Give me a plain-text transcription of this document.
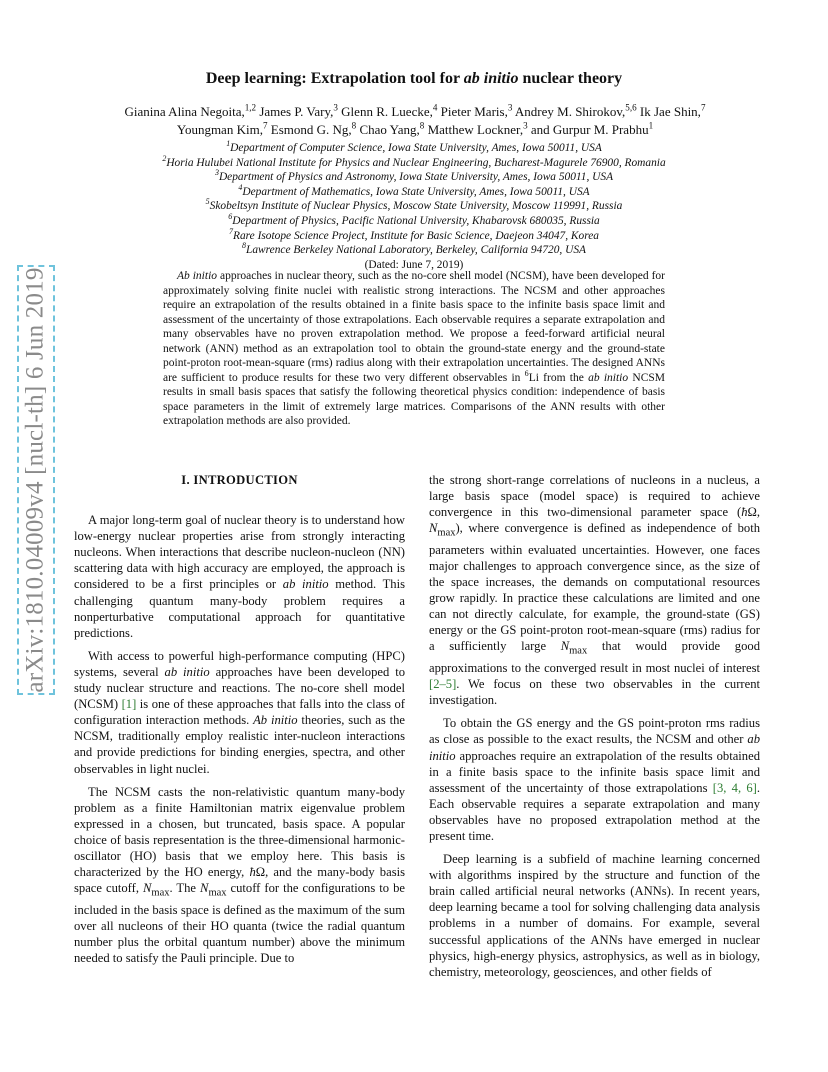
arXiv:1810.04009v4 [nucl-th] 6 Jun 2019
Deep learning: Extrapolation tool for ab initio nuclear theory
Gianina Alina Negoita,$^{1,2}$ James P. Vary,$^3$ Glenn R. Luecke,$^4$ Pieter Maris,$^3$ Andrey M. Shirokov,$^{5,6}$ Ik Jae Shin,$^7$ Youngman Kim,$^7$ Esmond G. Ng,$^8$ Chao Yang,$^8$ Matthew Lockner,$^3$ and Gurpur M. Prabhu$^1$
$^1$Department of Computer Science, Iowa State University, Ames, Iowa 50011, USA
$^2$Horia Hulubei National Institute for Physics and Nuclear Engineering, Bucharest-Magurele 76900, Romania
$^3$Department of Physics and Astronomy, Iowa State University, Ames, Iowa 50011, USA
$^4$Department of Mathematics, Iowa State University, Ames, Iowa 50011, USA
$^5$Skobeltsyn Institute of Nuclear Physics, Moscow State University, Moscow 119991, Russia
$^6$Department of Physics, Pacific National University, Khabarovsk 680035, Russia
$^7$Rare Isotope Science Project, Institute for Basic Science, Daejeon 34047, Korea
$^8$Lawrence Berkeley National Laboratory, Berkeley, California 94720, USA
(Dated: June 7, 2019)

Ab initio approaches in nuclear theory, such as the no-core shell model (NCSM), have been developed for approximately solving finite nuclei with realistic strong interactions. The NCSM and other approaches require an extrapolation of the results obtained in a finite basis space to the infinite basis space limit and assessment of the uncertainty of those extrapolations. Each observable requires a separate extrapolation and many observables have no proven extrapolation method. We propose a feed-forward artificial neural network (ANN) method as an extrapolation tool to obtain the ground-state energy and the ground-state point-proton root-mean-square (rms) radius along with their extrapolation uncertainties. The designed ANNs are sufficient to produce results for these two very different observables in $^6$Li from the ab initio NCSM results in small basis spaces that satisfy the following theoretical physics condition: independence of basis space parameters in the limit of extremely large matrices. Comparisons of the ANN results with other extrapolation methods are also provided.

I. INTRODUCTION

A major long-term goal of nuclear theory is to understand how low-energy nuclear properties arise from strongly interacting nucleons. When interactions that describe nucleon-nucleon (NN) scattering data with high accuracy are employed, the approach is considered to be a first principles or ab initio method. This challenging quantum many-body problem requires a nonperturbative computational approach for quantitative predictions.

With access to powerful high-performance computing (HPC) systems, several ab initio approaches have been developed to study nuclear structure and reactions. The no-core shell model (NCSM) [1] is one of these approaches that falls into the class of configuration interaction methods. Ab initio theories, such as the NCSM, traditionally employ realistic inter-nucleon interactions and provide predictions for binding energies, spectra, and other observables in light nuclei.

The NCSM casts the non-relativistic quantum many-body problem as a finite Hamiltonian matrix eigenvalue problem expressed in a chosen, but truncated, basis space. A popular choice of basis representation is the three-dimensional harmonic-oscillator (HO) basis that we employ here. This basis is characterized by the HO energy, ħΩ, and the many-body basis space cutoff, $N_{max}$. The $N_{max}$ cutoff for the configurations to be included in the basis space is defined as the maximum of the sum over all nucleons of their HO quanta (twice the radial quantum number plus the orbital quantum number) above the minimum needed to satisfy the Pauli principle. Due to

the strong short-range correlations of nucleons in a nucleus, a large basis space (model space) is required to achieve convergence in this two-dimensional parameter space (ħΩ, $N_{max}$), where convergence is defined as independence of both parameters within evaluated uncertainties. However, one faces major challenges to approach convergence since, as the size of the space increases, the demands on computational resources grow rapidly. In practice these calculations are limited and one can not directly calculate, for example, the ground-state (GS) energy or the GS point-proton root-mean-square (rms) radius for a sufficiently large $N_{max}$ that would provide good approximations to the converged result in most nuclei of interest [2–5]. We focus on these two observables in the current investigation.

To obtain the GS energy and the GS point-proton rms radius as close as possible to the exact results, the NCSM and other ab initio approaches require an extrapolation of the results obtained in a finite basis space to the infinite basis space limit and assessment of the uncertainty of those extrapolations [3, 4, 6]. Each observable requires a separate extrapolation and many observables have no proposed extrapolation method at the present time.

Deep learning is a subfield of machine learning concerned with algorithms inspired by the structure and function of the brain called artificial neural networks (ANNs). In recent years, deep learning became a tool for solving challenging data analysis problems in a number of domains. For example, several successful applications of the ANNs have emerged in nuclear physics, high-energy physics, astrophysics, as well as in biology, chemistry, meteorology, geosciences, and other fields of
